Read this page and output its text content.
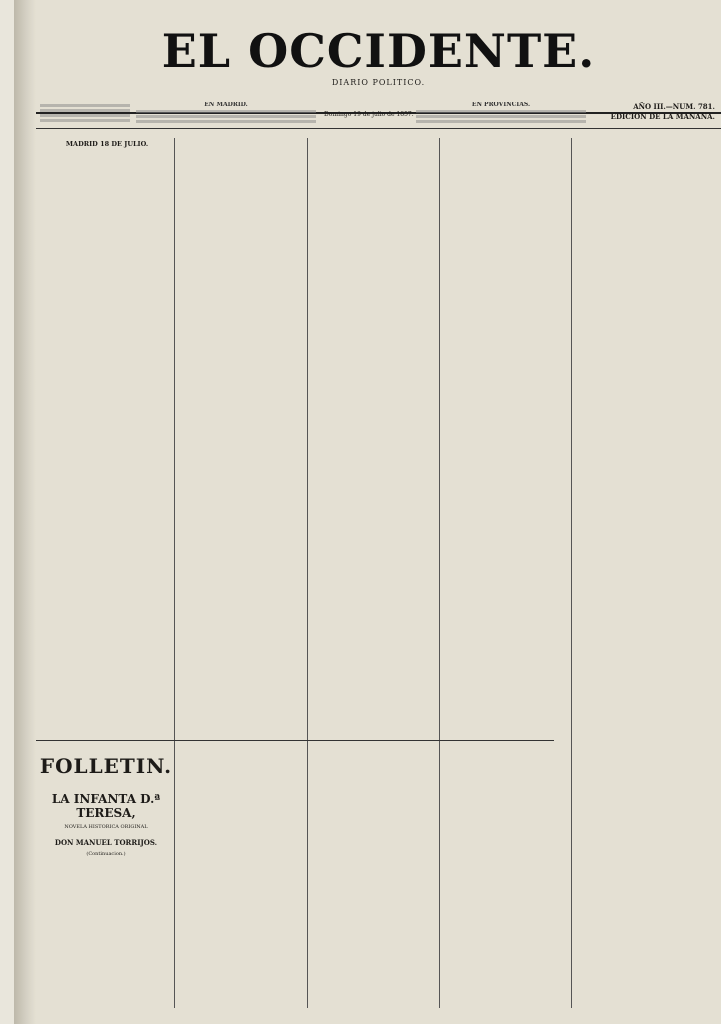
EL OCCIDENTE.
DIARIO POLITICO.
EN MADRID.
Domingo 19 de julio de 1857.
EN PROVINCIAS.	AÑO III.—NUM. 781.
EDICION DE LA MAÑANA.
MADRID 18 DE JULIO.
FOLLETIN.
LA INFANTA D.ª TERESA,
NOVELA HISTORICA ORIGINAL
DON MANUEL TORRIJOS.
(Continuacion.)
